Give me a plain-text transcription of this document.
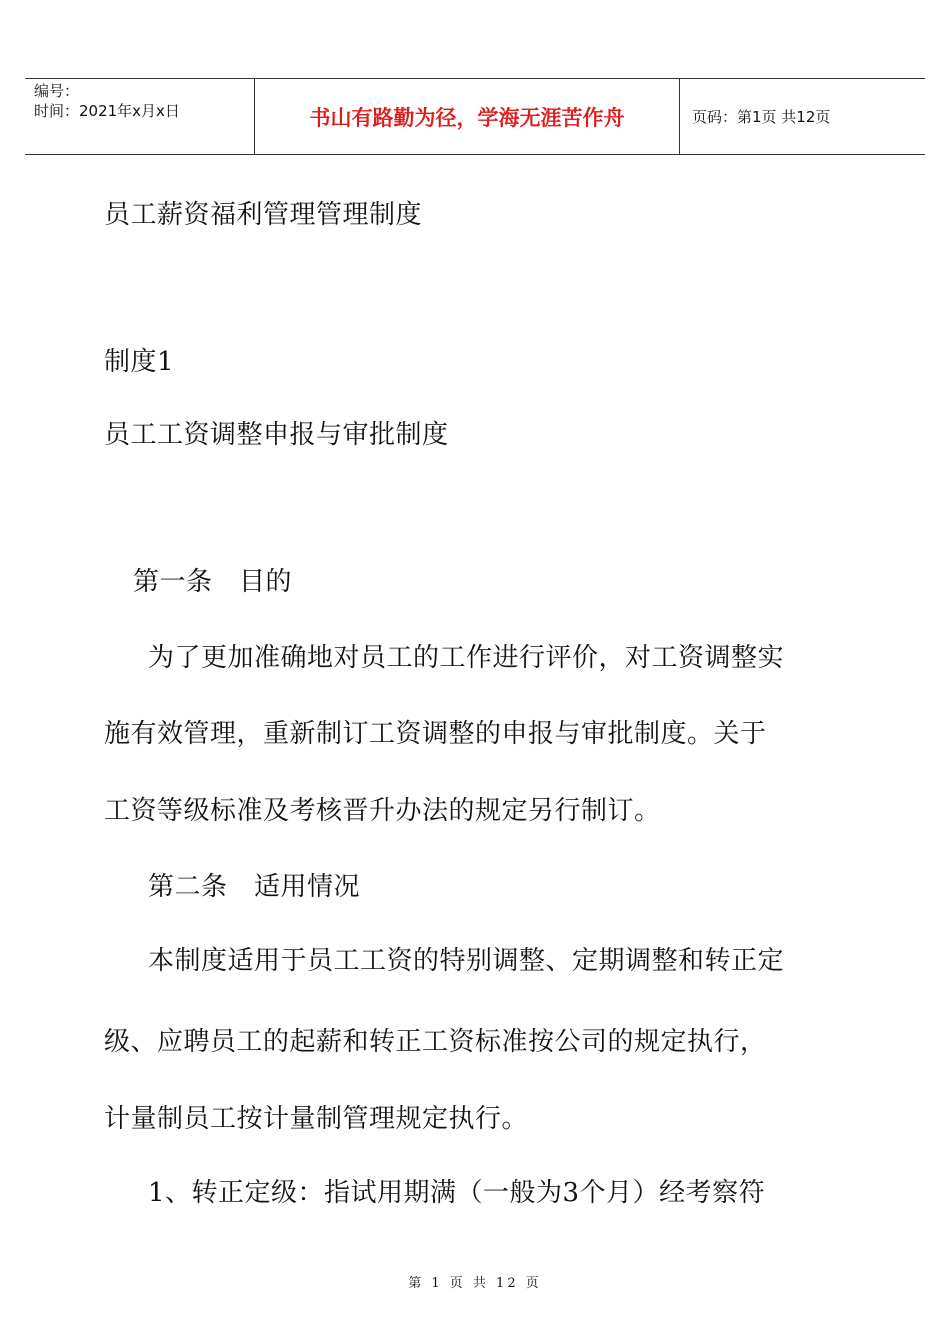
编号：
时间：2021年x月x日	书山有路勤为径，学海无涯苦作舟	页码：第1页 共12页
员工薪资福利管理管理制度
制度1
员工工资调整申报与审批制度
第一条　目的
为了更加准确地对员工的工作进行评价，对工资调整实
施有效管理，重新制订工资调整的申报与审批制度。关于
工资等级标准及考核晋升办法的规定另行制订。
第二条　适用情况
本制度适用于员工工资的特别调整、定期调整和转正定
级、应聘员工的起薪和转正工资标准按公司的规定执行，
计量制员工按计量制管理规定执行。
1、转正定级：指试用期满（一般为3个月）经考察符
第 1 页 共 12 页
